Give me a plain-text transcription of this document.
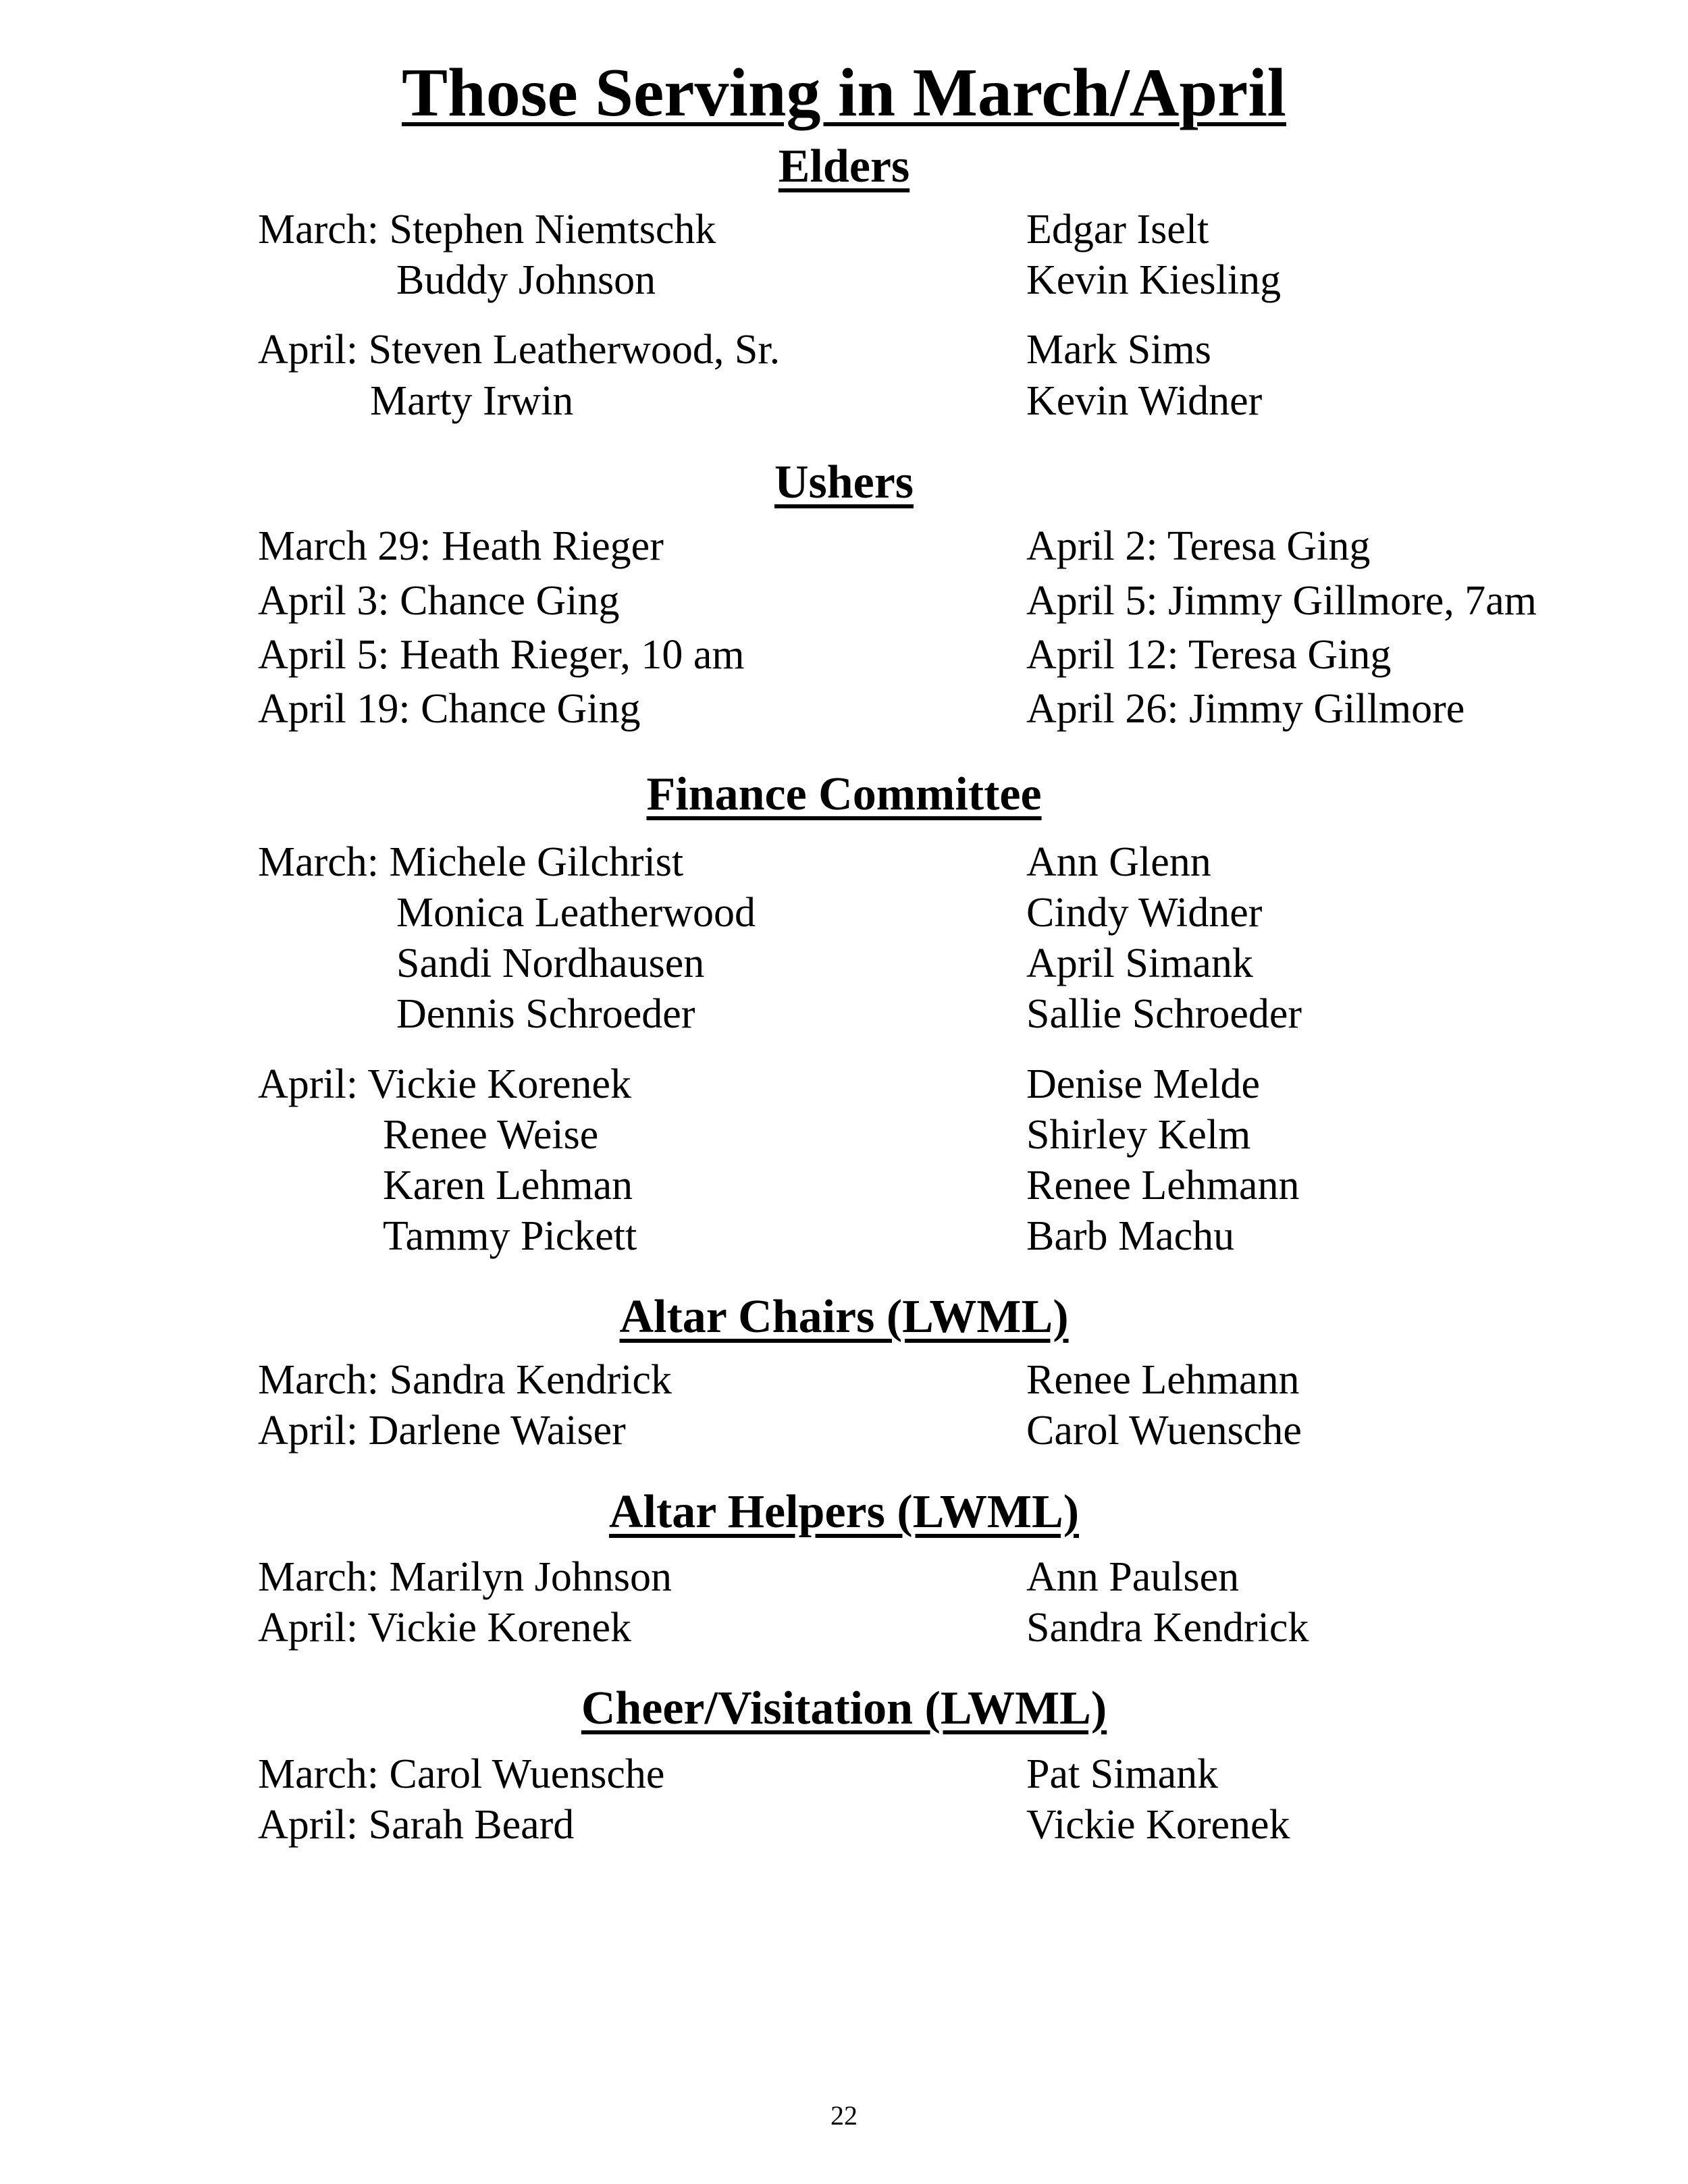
Those Serving in March/April
Elders
March: Stephen Niemtschk
Buddy Johnson
Edgar Iselt
Kevin Kiesling
April: Steven Leatherwood, Sr.
Marty Irwin
Mark Sims
Kevin Widner
Ushers
March 29: Heath Rieger
April 3: Chance Ging
April 5: Heath Rieger, 10 am
April 19: Chance Ging
April 2: Teresa Ging
April 5: Jimmy Gillmore, 7am
April 12: Teresa Ging
April 26: Jimmy Gillmore
Finance Committee
March: Michele Gilchrist
Monica Leatherwood
Sandi Nordhausen
Dennis Schroeder
Ann Glenn
Cindy Widner
April Simank
Sallie Schroeder
April: Vickie Korenek
Renee Weise
Karen Lehman
Tammy Pickett
Denise Melde
Shirley Kelm
Renee Lehmann
Barb Machu
Altar Chairs (LWML)
March: Sandra Kendrick
April: Darlene Waiser
Renee Lehmann
Carol Wuensche
Altar Helpers (LWML)
March: Marilyn Johnson
April: Vickie Korenek
Ann Paulsen
Sandra Kendrick
Cheer/Visitation (LWML)
March: Carol Wuensche
April: Sarah Beard
Pat Simank
Vickie Korenek
22
